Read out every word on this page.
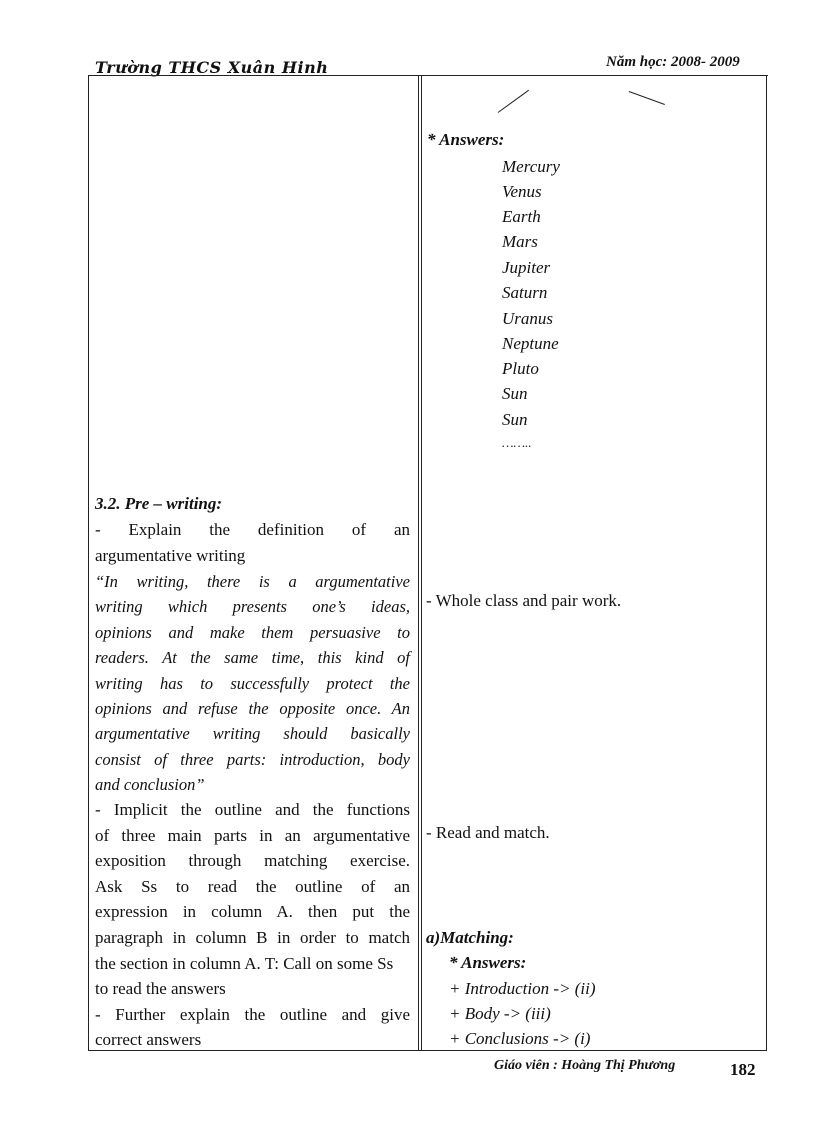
Trường THCS Xuân Hinh	Năm học: 2008- 2009
* Answers:
Mercury
Venus
Earth
Mars
Jupiter
Saturn
Uranus
Neptune
Pluto
Sun
Sun
……..
- Whole class and pair work.
- Read and match.
a)Matching:
* Answers:
+ Introduction -> (ii)
+ Body -> (iii)
+ Conclusions -> (i)
3.2. Pre – writing:
- Explain the definition of an
argumentative writing
“In writing, there is a argumentative
writing which presents one’s ideas,
opinions and make them persuasive to
readers. At the same time, this kind of
writing has to successfully protect the
opinions and refuse the opposite once. An
argumentative writing should basically
consist of three parts: introduction, body
and conclusion”
- Implicit the outline and the functions
of three main parts in an argumentative
exposition through matching exercise.
Ask Ss to read the outline of an
expression in column A. then put the
paragraph in column B in order to match
the section in column A. T: Call on some Ss to read the answers
- Further explain the outline and give
correct answers
Giáo viên : Hoàng Thị Phương	182
